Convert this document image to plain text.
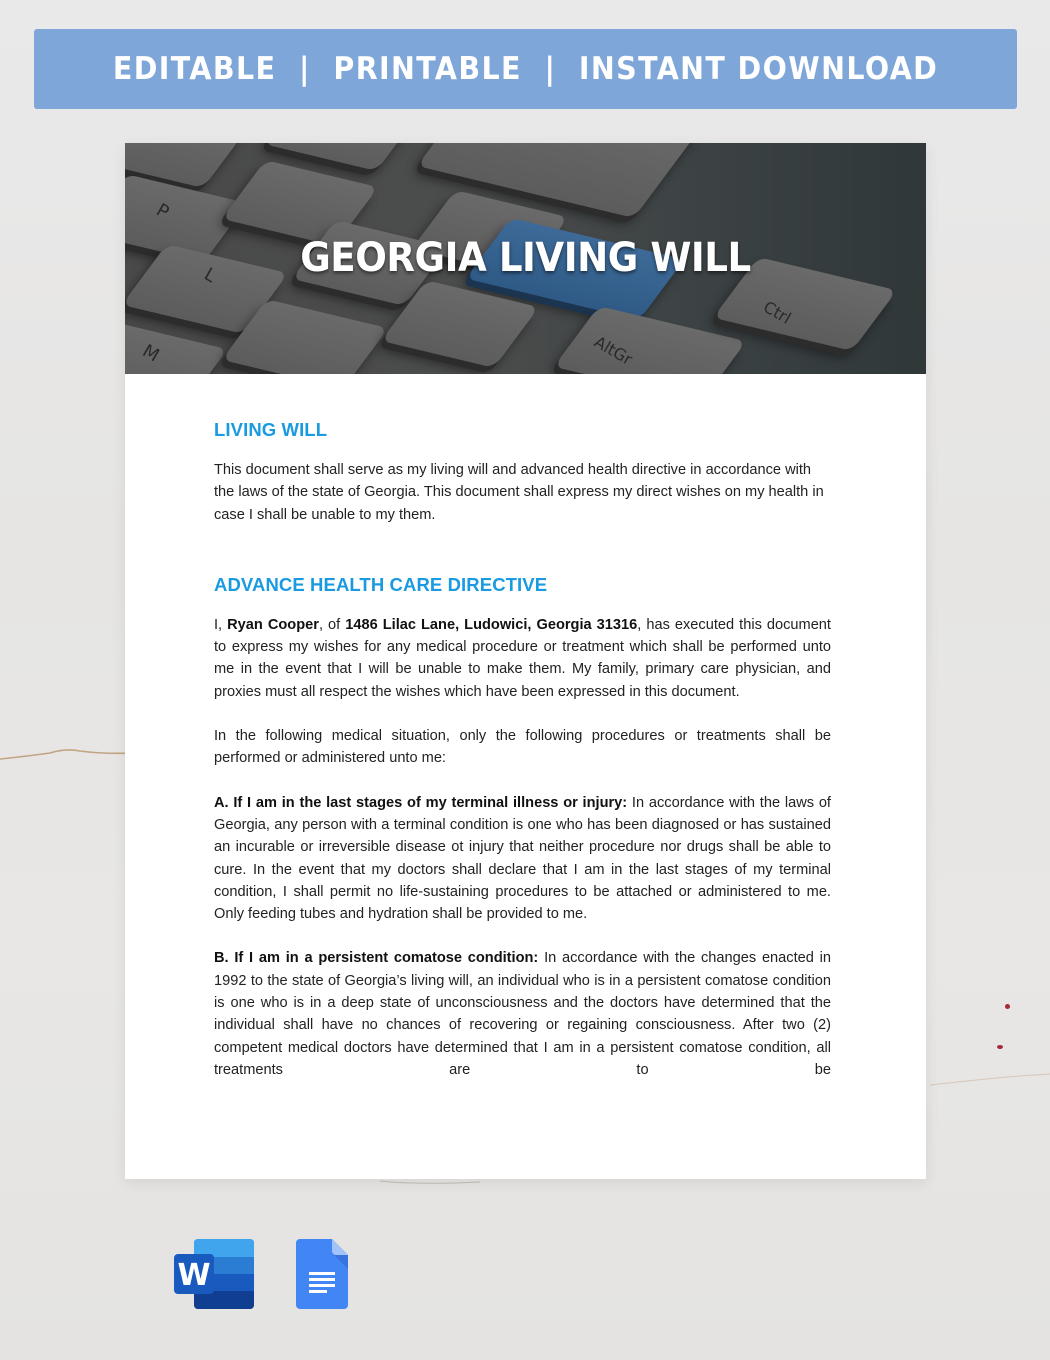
EDITABLE  |  PRINTABLE  |  INSTANT DOWNLOAD
P
L
M	AltGr
Ctrl
GEORGIA LIVING WILL
LIVING WILL

This document shall serve as my living will and advanced health directive in accordance with the laws of the state of Georgia. This document shall express my direct wishes on my health in case I shall be unable to my them.

ADVANCE HEALTH CARE DIRECTIVE

I, Ryan Cooper, of 1486 Lilac Lane, Ludowici, Georgia 31316, has executed this document to express my wishes for any medical procedure or treatment which shall be performed unto me in the event that I will be unable to make them. My family, primary care physician, and proxies must all respect the wishes which have been expressed in this document.

In the following medical situation, only the following procedures or treatments shall be performed or administered unto me:

A. If I am in the last stages of my terminal illness or injury: In accordance with the laws of Georgia, any person with a terminal condition is one who has been diagnosed or has sustained an incurable or irreversible disease ot injury that neither procedure nor drugs shall be able to cure. In the event that my doctors shall declare that I am in the last stages of my terminal condition, I shall permit no life-sustaining procedures to be attached or administered to me. Only feeding tubes and hydration shall be provided to me.

B. If I am in a persistent comatose condition: In accordance with the changes enacted in 1992 to the state of Georgia’s living will, an individual who is in a persistent comatose condition is one who is in a deep state of unconsciousness and the doctors have determined that the individual shall have no chances of recovering or regaining consciousness. After two (2) competent medical doctors have determined that I am in a persistent comatose condition, all treatments are to be

W
